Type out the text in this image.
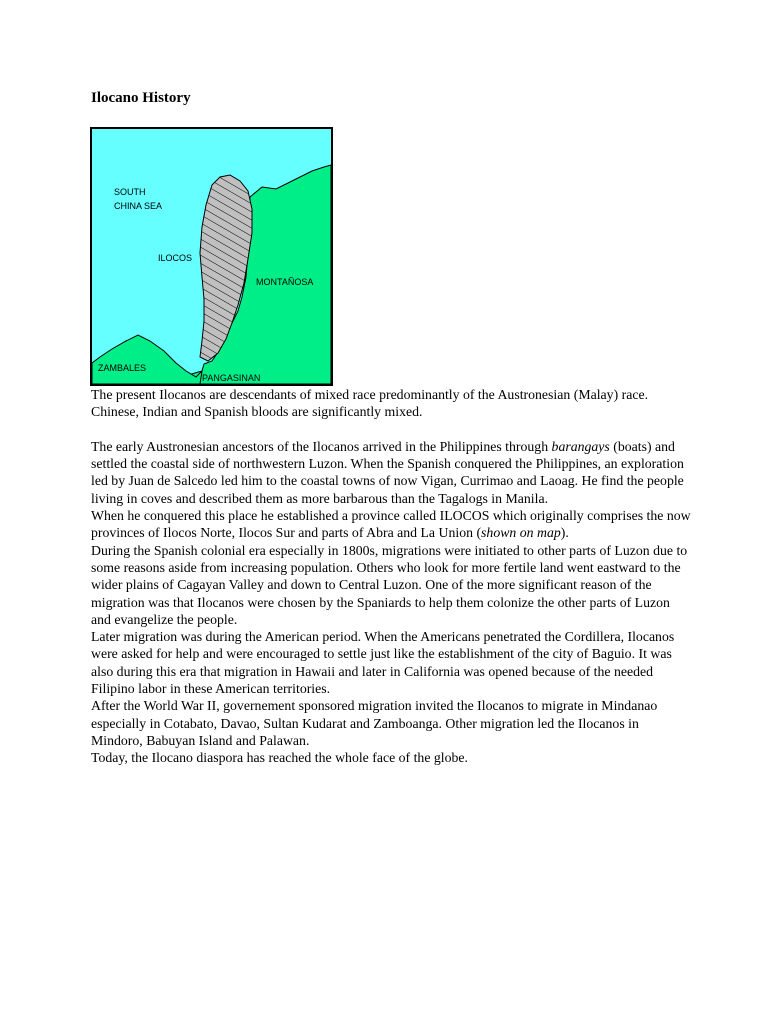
Ilocano History
SOUTH
CHINA SEA
ILOCOS
MONTAÑOSA
ZAMBALES
PANGASINAN

The present Ilocanos are descendants of mixed race predominantly of the Austronesian (Malay) race. Chinese, Indian and Spanish bloods are significantly mixed.

The early Austronesian ancestors of the Ilocanos arrived in the Philippines through barangays (boats) and settled the coastal side of northwestern Luzon. When the Spanish conquered the Philippines, an exploration led by Juan de Salcedo led him to the coastal towns of now Vigan, Currimao and Laoag. He find the people living in coves and described them as more barbarous than the Tagalogs in Manila.

When he conquered this place he established a province called ILOCOS which originally comprises the now provinces of Ilocos Norte, Ilocos Sur and parts of Abra and La Union (shown on map).

During the Spanish colonial era especially in 1800s, migrations were initiated to other parts of Luzon due to some reasons aside from increasing population. Others who look for more fertile land went eastward to the wider plains of Cagayan Valley and down to Central Luzon. One of the more significant reason of the migration was that Ilocanos were chosen by the Spaniards to help them colonize the other parts of Luzon and evangelize the people.

Later migration was during the American period. When the Americans penetrated the Cordillera, Ilocanos were asked for help and were encouraged to settle just like the establishment of the city of Baguio. It was also during this era that migration in Hawaii and later in California was opened because of the needed Filipino labor in these American territories.

After the World War II, governement sponsored migration invited the Ilocanos to migrate in Mindanao especially in Cotabato, Davao, Sultan Kudarat and Zamboanga. Other migration led the Ilocanos in Mindoro, Babuyan Island and Palawan.

Today, the Ilocano diaspora has reached the whole face of the globe.
